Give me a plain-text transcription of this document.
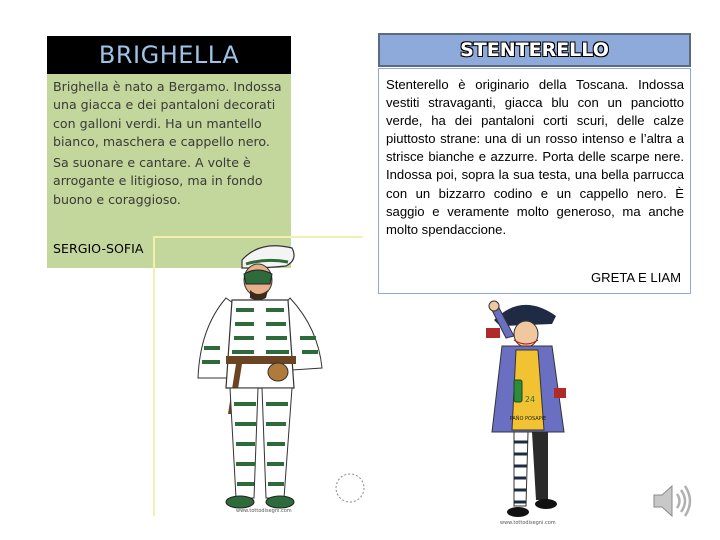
BRIGHELLA

Brighella è nato a Bergamo. Indossa una giacca e dei pantaloni decorati con galloni verdi. Ha un mantello bianco, maschera e cappello nero.

Sa suonare e cantare. A volte è arrogante e litigioso, ma in fondo buono e coraggioso.

SERGIO-SOFIA
www.tottodisegni.com
STENTERELLO
Stenterello è originario della Toscana. Indossa vestiti stravaganti, giacca blu con un panciotto verde, ha dei pantaloni corti scuri, delle calze piuttosto strane: una di un rosso intenso e l’altra a strisce bianche e azzurre. Porta delle scarpe nere. Indossa poi, sopra la sua testa, una bella parrucca con un bizzarro codino e un cappello nero. È saggio e veramente molto generoso, ma anche molto spendaccione.
GRETA E LIAM
24
PAÑO POSAPIE
www.tottodisegni.com
